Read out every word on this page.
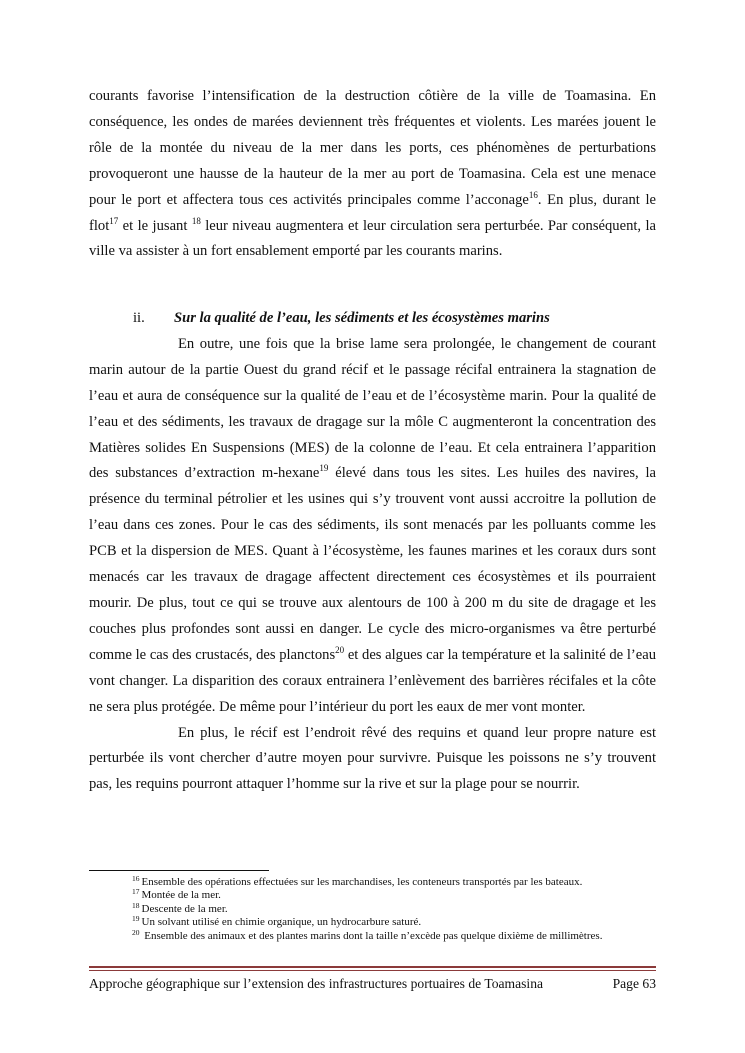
courants favorise l’intensification de la destruction côtière de la ville de Toamasina. En conséquence, les ondes de marées deviennent très fréquentes et violents. Les marées jouent le rôle de la montée du niveau de la mer dans les ports, ces phénomènes de perturbations provoqueront une hausse de la hauteur de la mer au port de Toamasina. Cela est une menace pour le port et affectera tous ces activités principales comme l’acconage$^{16}$. En plus, durant le flot$^{17}$ et le jusant $^{18}$ leur niveau augmentera et leur circulation sera perturbée. Par conséquent, la ville va assister à un fort ensablement emporté par les courants marins.

ii.	Sur la qualité de l’eau, les sédiments et les écosystèmes marins

En outre, une fois que la brise lame sera prolongée, le changement de courant marin autour de la partie Ouest du grand récif et le passage récifal entrainera la stagnation de l’eau et aura de conséquence sur la qualité de l’eau et de l’écosystème marin. Pour la qualité de l’eau et des sédiments, les travaux de dragage sur la môle C augmenteront la concentration des Matières solides En Suspensions (MES) de la colonne de l’eau. Et cela entrainera l’apparition des substances d’extraction m-hexane$^{19}$ élevé dans tous les sites. Les huiles des navires, la présence du terminal pétrolier et les usines qui s’y trouvent vont aussi accroitre la pollution de l’eau dans ces zones. Pour le cas des sédiments, ils sont menacés par les polluants comme les PCB et la dispersion de MES. Quant à l’écosystème, les faunes marines et les coraux durs sont menacés car les travaux de dragage affectent directement ces écosystèmes et ils pourraient mourir. De plus, tout ce qui se trouve aux alentours de 100 à 200 m du site de dragage et les couches plus profondes sont aussi en danger. Le cycle des micro-organismes va être perturbé comme le cas des crustacés, des planctons$^{20}$ et des algues car la température et la salinité de l’eau vont changer. La disparition des coraux entrainera l’enlèvement des barrières récifales et la côte ne sera plus protégée. De même pour l’intérieur du port les eaux de mer vont monter.

En plus, le récif est l’endroit rêvé des requins et quand leur propre nature est perturbée ils vont chercher d’autre moyen pour survivre. Puisque les poissons ne s’y trouvent pas, les requins pourront attaquer l’homme sur la rive et sur la plage pour se nourrir.

$^{16}$ Ensemble des opérations effectuées sur les marchandises, les conteneurs transportés par les bateaux.

$^{17}$ Montée de la mer.

$^{18}$ Descente de la mer.

$^{19}$ Un solvant utilisé en chimie organique, un hydrocarbure saturé.

$^{20}$ Ensemble des animaux et des plantes marins dont la taille n’excède pas quelque dixième de millimètres.

Approche géographique sur l’extension des infrastructures portuaires de Toamasina	Page 63
